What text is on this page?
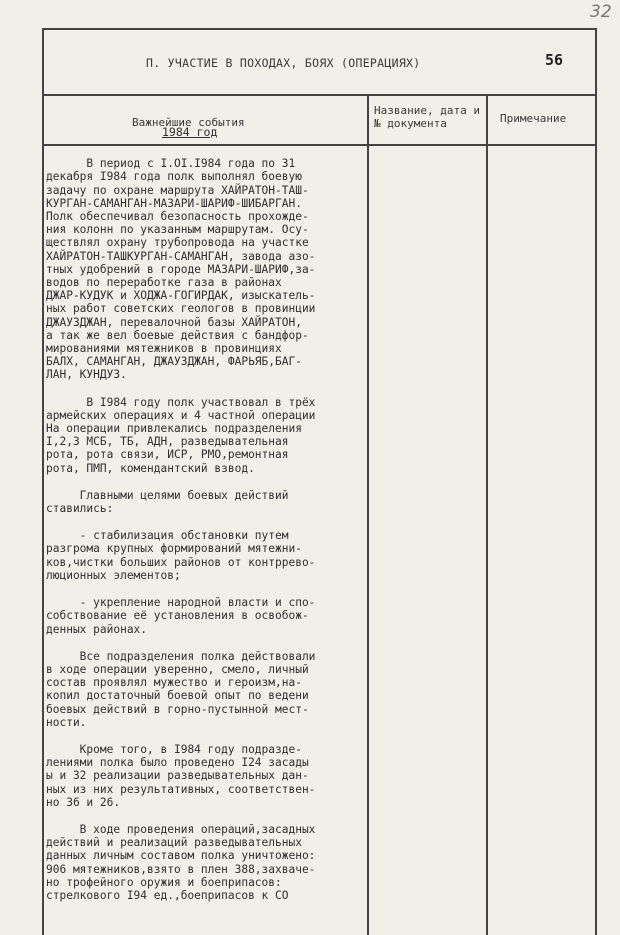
32
П. УЧАСТИЕ В ПОХОДАХ, БОЯХ (ОПЕРАЦИЯХ)	56
Важнейшие события
Название, дата и № документа	Примечание
1984 год
В период с I.OI.I984 года по 31
декабря I984 года полк выполнял боевую
задачу по охране маршрута ХАЙРАТОН-ТАШ-
КУРГАН-САМАНГАН-МАЗАРИ-ШАРИФ-ШИБАРГАН.
Полк обеспечивал безопасность прохожде-
ния колонн по указанным маршрутам. Осу-
ществлял охрану трубопровода на участке
ХАЙРАТОН-ТАШКУРГАН-САМАНГАН, завода азо-
тных удобрений в городе МАЗАРИ-ШАРИФ,за-
водов по переработке газа в районах
ДЖАР-КУДУК и ХОДЖА-ГОГИРДАК, изыскатель-
ных работ советских геологов в провинции
ДЖАУЗДЖАН, перевалочной базы ХАЙРАТОН,
а так же вел боевые действия с бандфор-
мированиями мятежников в провинциях
БАЛХ, САМАНГАН, ДЖАУЗДЖАН, ФАРЬЯБ,БАГ-
ЛАН, КУНДУЗ.
В I984 году полк участвовал в трёх
армейских операциях и 4 частной операции
На операции привлекались подразделения
I,2,3 МСБ, ТБ, АДН, разведывательная
рота, рота связи, ИСР, РМО,ремонтная
рота, ПМП, комендантский взвод.
Главными целями боевых действий
ставились:
- стабилизация обстановки путем
разгрома крупных формирований мятежни-
ков,чистки больших районов от контррево-
люционных элементов;
- укрепление народной власти и спо-
собствование её установления в освобож-
денных районах.
Все подразделения полка действовали
в ходе операции уверенно, смело, личный
состав проявлял мужество и героизм,на-
копил достаточный боевой опыт по ведени
боевых действий в горно-пустынной мест-
ности.
Кроме того, в I984 году подразде-
лениями полка было проведено I24 засады
ы и 32 реализации разведывательных дан-
ных из них результативных, соответствен-
но 36 и 26.
В ходе проведения операций,засадных
действий и реализаций разведывательных
данных личным составом полка уничтожено:
906 мятежников,взято в плен 388,захваче-
но трофейного оружия и боеприпасов:
стрелкового I94 ед.,боеприпасов к СО
